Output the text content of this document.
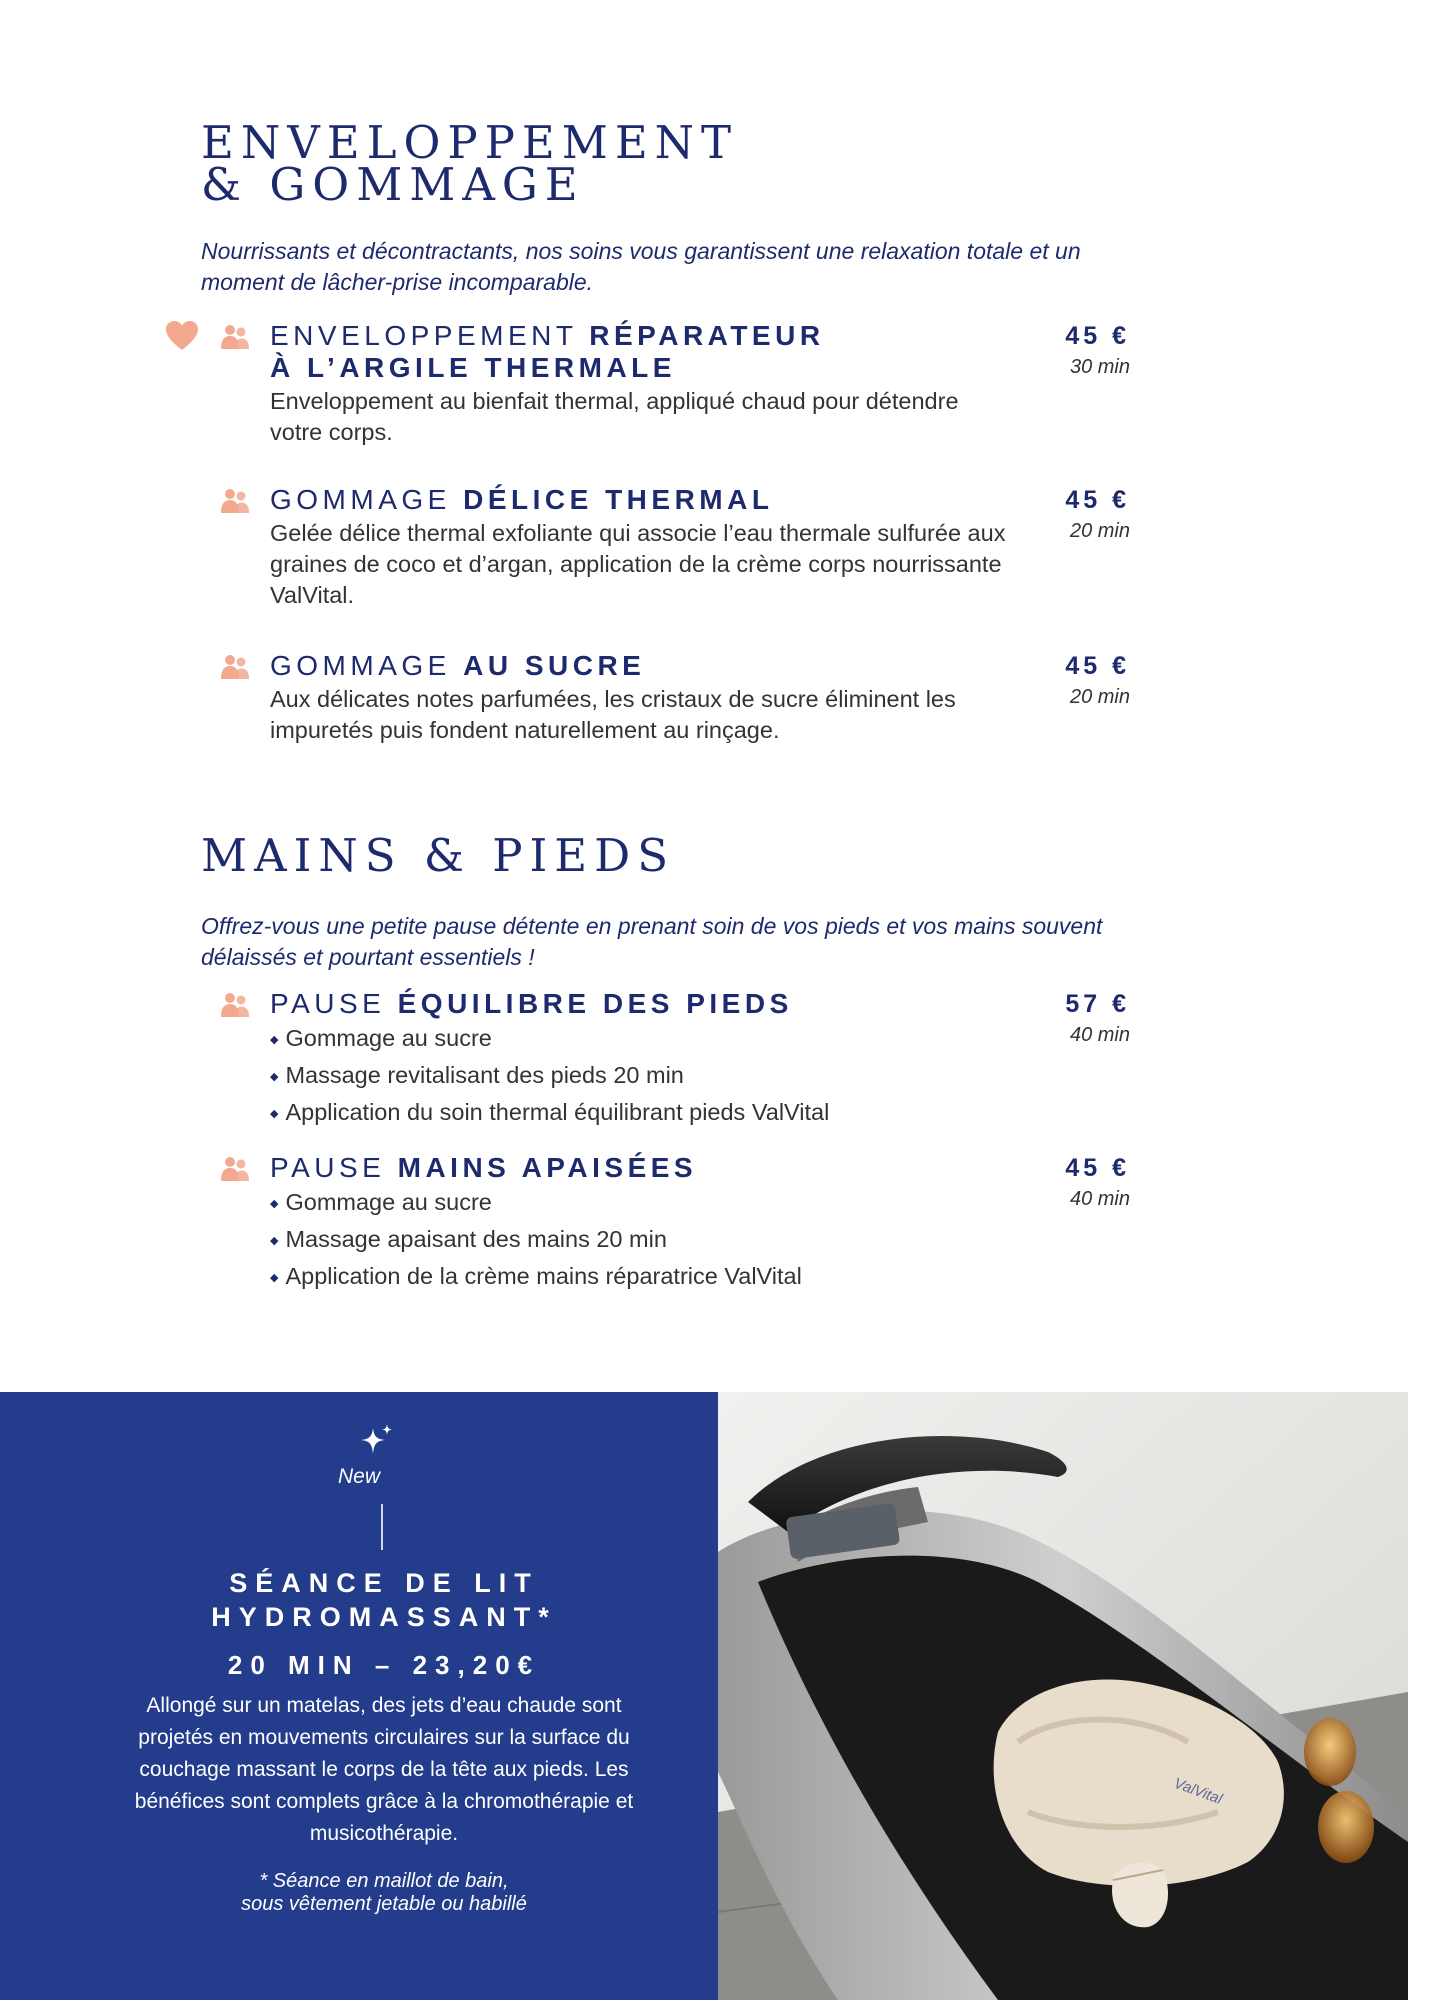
ENVELOPPEMENT
& GOMMAGE

Nourrissants et décontractants, nos soins vous garantissent une relaxation totale et un moment de lâcher-prise incomparable.

ENVELOPPEMENT RÉPARATEUR
À L’ARGILE THERMALE
Enveloppement au bienfait thermal, appliqué chaud pour détendre votre corps.
45 €
30 min
GOMMAGE DÉLICE THERMAL
Gelée délice thermal exfoliante qui associe l’eau thermale sulfurée aux graines de coco et d’argan, application de la crème corps nourrissante ValVital.
45 €
20 min
GOMMAGE AU SUCRE
Aux délicates notes parfumées, les cristaux de sucre éliminent les impuretés puis fondent naturellement au rinçage.
45 €
20 min
MAINS & PIEDS

Offrez-vous une petite pause détente en prenant soin de vos pieds et vos mains souvent délaissés et pourtant essentiels !

PAUSE ÉQUILIBRE DES PIEDS
◆ Gommage au sucre
◆ Massage revitalisant des pieds 20 min
◆ Application du soin thermal équilibrant pieds ValVital
57 €
40 min
PAUSE MAINS APAISÉES
◆ Gommage au sucre
◆ Massage apaisant des mains 20 min
◆ Application de la crème mains réparatrice ValVital
45 €
40 min
New
SÉANCE DE LIT
HYDROMASSANT*
20 MIN – 23,20€
Allongé sur un matelas, des jets d’eau chaude sont projetés en mouvements circulaires sur la surface du couchage massant le corps de la tête aux pieds. Les bénéfices sont complets grâce à la chromothérapie et musicothérapie.
* Séance en maillot de bain,
sous vêtement jetable ou habillé
ValVital
